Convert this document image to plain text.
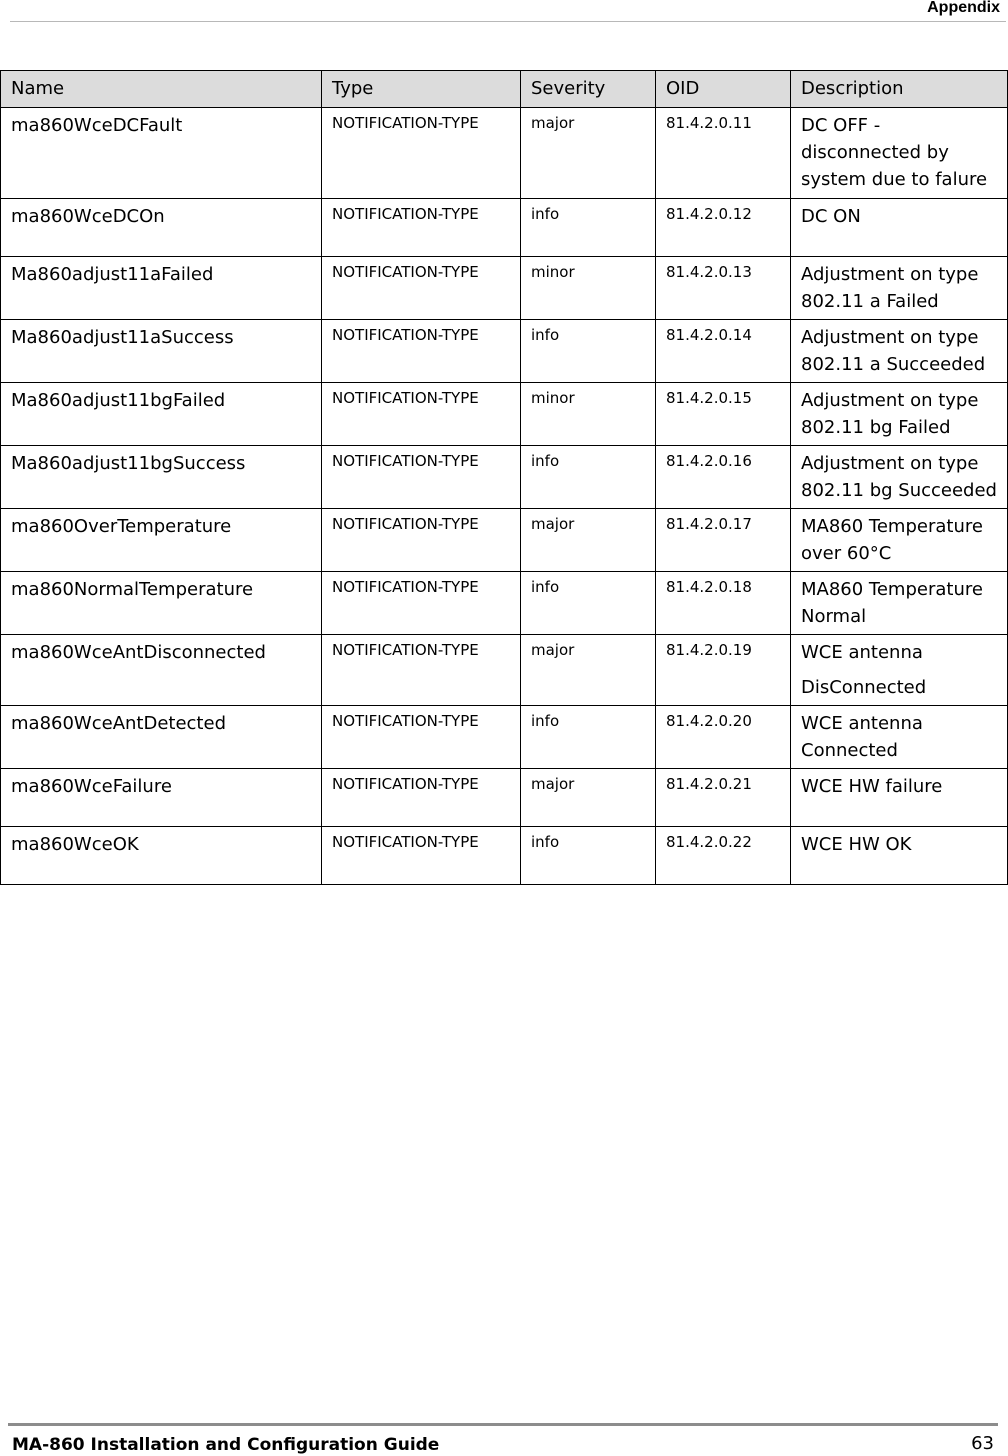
Appendix
Name	Type	Severity	OID	Description
ma860WceDCFault	NOTIFICATION-TYPE	major	81.4.2.0.11	DC OFF - disconnected by system due to falure
ma860WceDCOn	NOTIFICATION-TYPE	info	81.4.2.0.12	DC ON
Ma860adjust11aFailed	NOTIFICATION-TYPE	minor	81.4.2.0.13	Adjustment on type 802.11 a Failed
Ma860adjust11aSuccess	NOTIFICATION-TYPE	info	81.4.2.0.14	Adjustment on type 802.11 a Succeeded
Ma860adjust11bgFailed	NOTIFICATION-TYPE	minor	81.4.2.0.15	Adjustment on type 802.11 bg Failed
Ma860adjust11bgSuccess	NOTIFICATION-TYPE	info	81.4.2.0.16	Adjustment on type 802.11 bg Succeeded
ma860OverTemperature	NOTIFICATION-TYPE	major	81.4.2.0.17	MA860 Temperature over 60°C
ma860NormalTemperature	NOTIFICATION-TYPE	info	81.4.2.0.18	MA860 Temperature Normal
ma860WceAntDisconnected	NOTIFICATION-TYPE	major	81.4.2.0.19	WCE antenna DisConnected
ma860WceAntDetected	NOTIFICATION-TYPE	info	81.4.2.0.20	WCE antenna Connected
ma860WceFailure	NOTIFICATION-TYPE	major	81.4.2.0.21	WCE HW failure
ma860WceOK	NOTIFICATION-TYPE	info	81.4.2.0.22	WCE HW OK
MA-860 Installation and Configuration Guide	63
